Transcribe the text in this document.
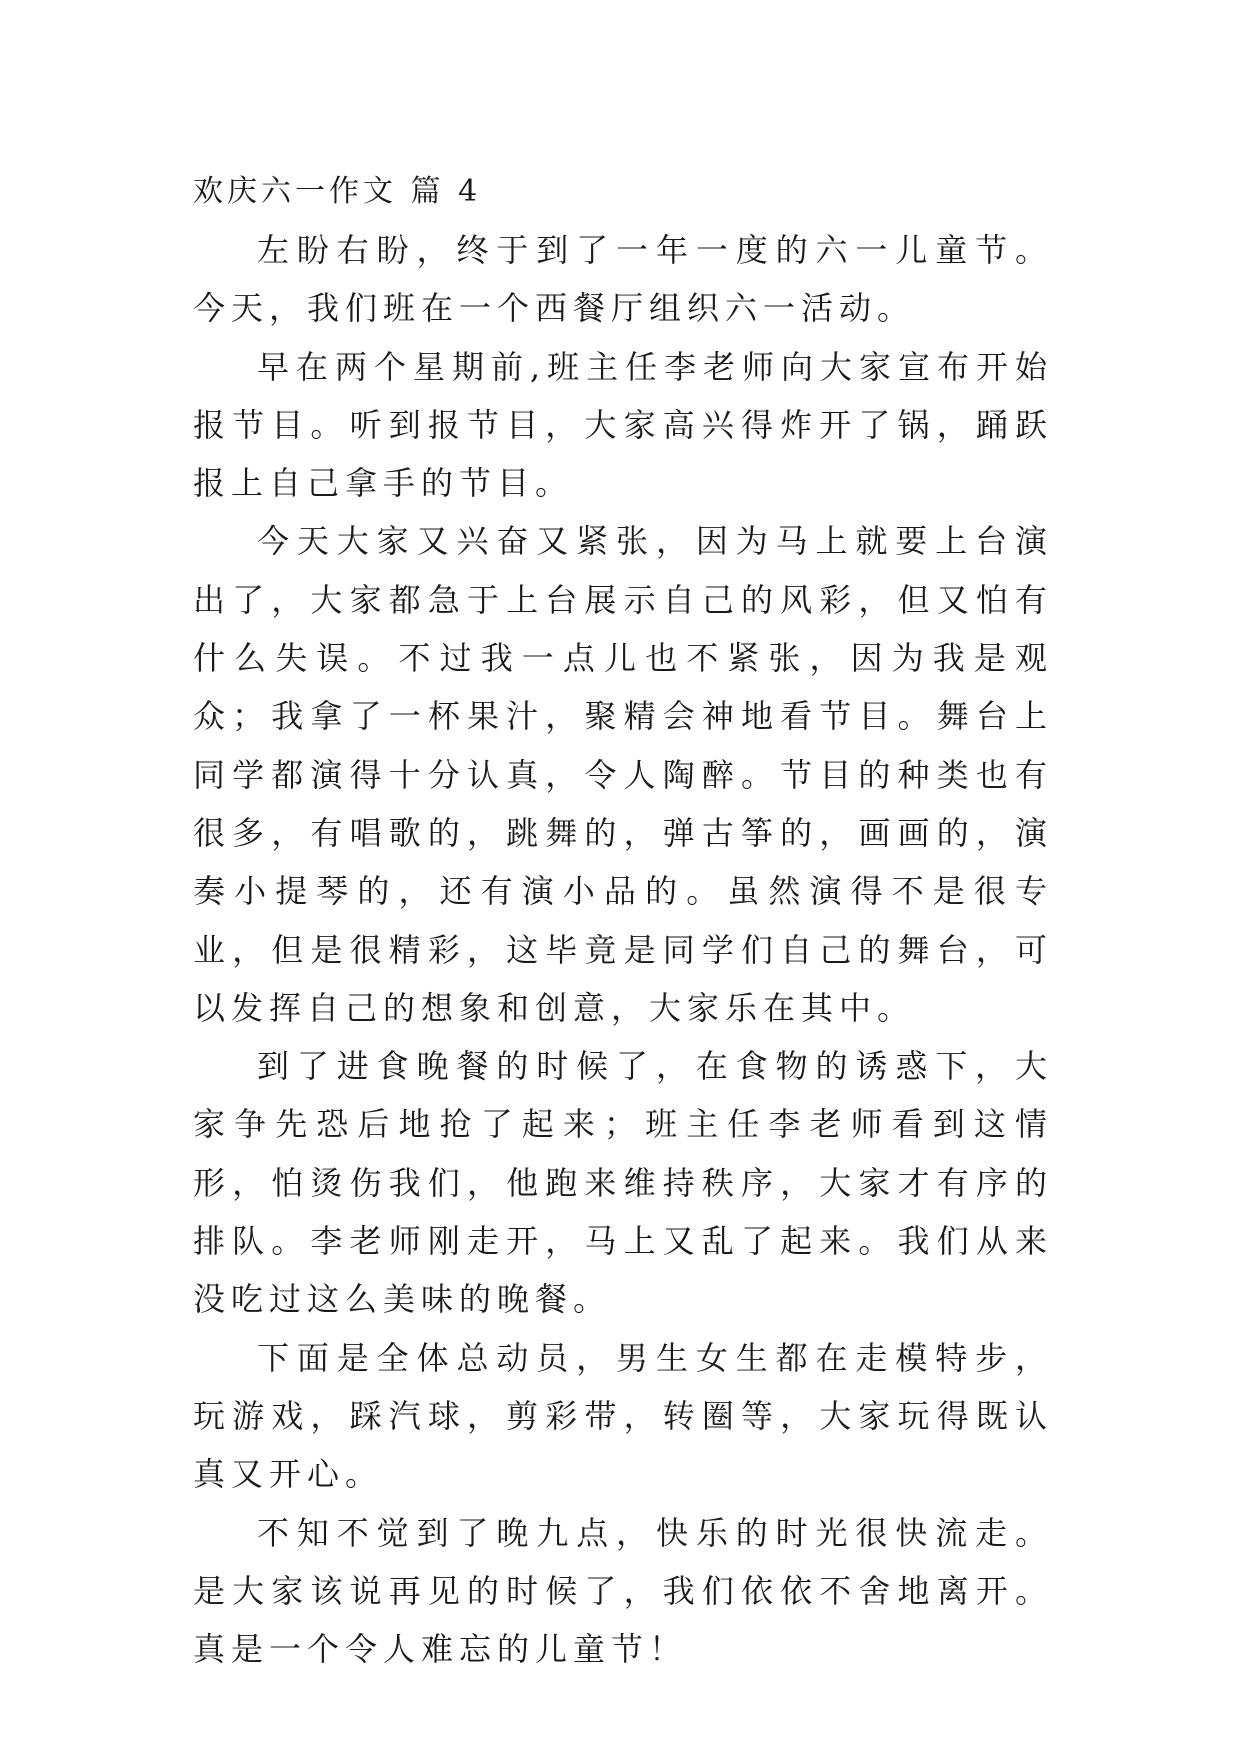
欢庆六一作文 篇 4

左盼右盼，终于到了一年一度的六一儿童节。今天，我们班在一个西餐厅组织六一活动。

早在两个星期前,班主任李老师向大家宣布开始报节目。听到报节目，大家高兴得炸开了锅，踊跃报上自己拿手的节目。

今天大家又兴奋又紧张，因为马上就要上台演出了，大家都急于上台展示自己的风彩，但又怕有什么失误。不过我一点儿也不紧张，因为我是观众；我拿了一杯果汁，聚精会神地看节目。舞台上同学都演得十分认真，令人陶醉。节目的种类也有很多，有唱歌的，跳舞的，弹古筝的，画画的，演奏小提琴的，还有演小品的。虽然演得不是很专业，但是很精彩，这毕竟是同学们自己的舞台，可以发挥自己的想象和创意，大家乐在其中。

到了进食晚餐的时候了，在食物的诱惑下，大家争先恐后地抢了起来；班主任李老师看到这情形，怕烫伤我们，他跑来维持秩序，大家才有序的排队。李老师刚走开，马上又乱了起来。我们从来没吃过这么美味的晚餐。

下面是全体总动员，男生女生都在走模特步，玩游戏，踩汽球，剪彩带，转圈等，大家玩得既认真又开心。

不知不觉到了晚九点，快乐的时光很快流走。是大家该说再见的时候了，我们依依不舍地离开。真是一个令人难忘的儿童节！
